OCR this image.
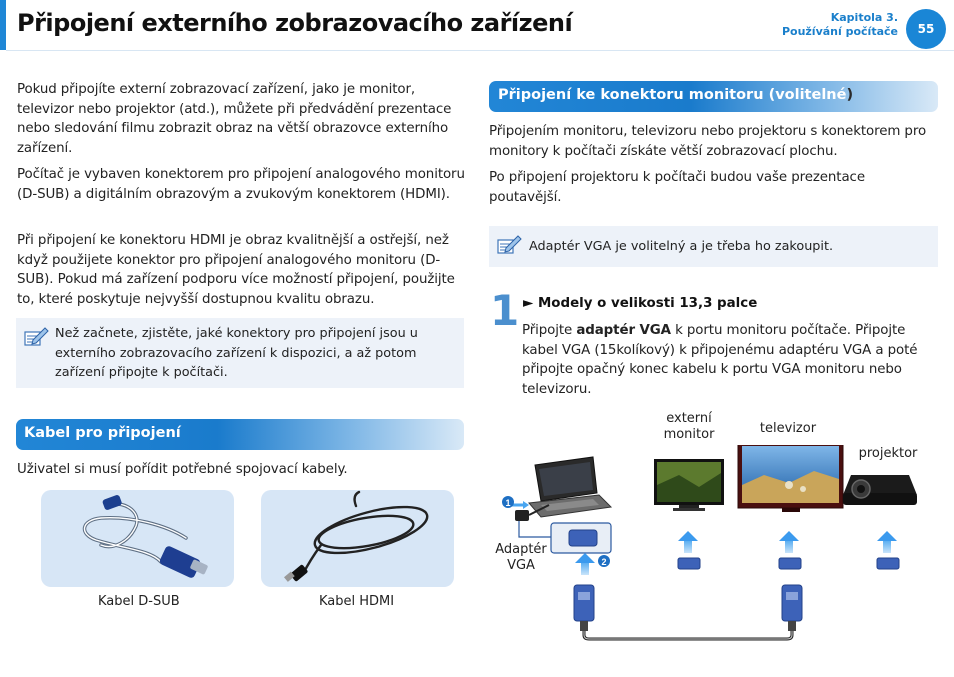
Připojení externího zobrazovacího zařízení	Kapitola 3.
Používání počítače	55
Pokud připojíte externí zobrazovací zařízení, jako je monitor, televizor nebo projektor (atd.), můžete při předvádění prezentace nebo sledování filmu zobrazit obraz na větší obrazovce externího zařízení.
Počítač je vybaven konektorem pro připojení analogového monitoru (D-SUB) a digitálním obrazovým a zvukovým konektorem (HDMI).
Při připojení ke konektoru HDMI je obraz kvalitnější a ostřejší, než když použijete konektor pro připojení analogového monitoru (D-SUB). Pokud má zařízení podporu více možností připojení, použijte to, které poskytuje nejvyšší dostupnou kvalitu obrazu.
Než začnete, zjistěte, jaké konektory pro připojení jsou u externího zobrazovacího zařízení k dispozici, a až potom zařízení připojte k počítači.
Kabel pro připojení
Uživatel si musí pořídit potřebné spojovací kabely.
Kabel D-SUB	Kabel HDMI
Připojení ke konektoru monitoru (volitelné)
Připojením monitoru, televizoru nebo projektoru s konektorem pro monitory k počítači získáte větší zobrazovací plochu.
Po připojení projektoru k počítači budou vaše prezentace poutavější.
Adaptér VGA je volitelný a je třeba ho zakoupit.
1 ► Modely o velikosti 13,3 palce
Připojte adaptér VGA k portu monitoru počítače. Připojte kabel VGA (15kolíkový) k připojenému adaptéru VGA a poté připojte opačný konec kabelu k portu VGA monitoru nebo televizoru.
externí
monitor	televizor
projektor
Adaptér
VGA
1
2
